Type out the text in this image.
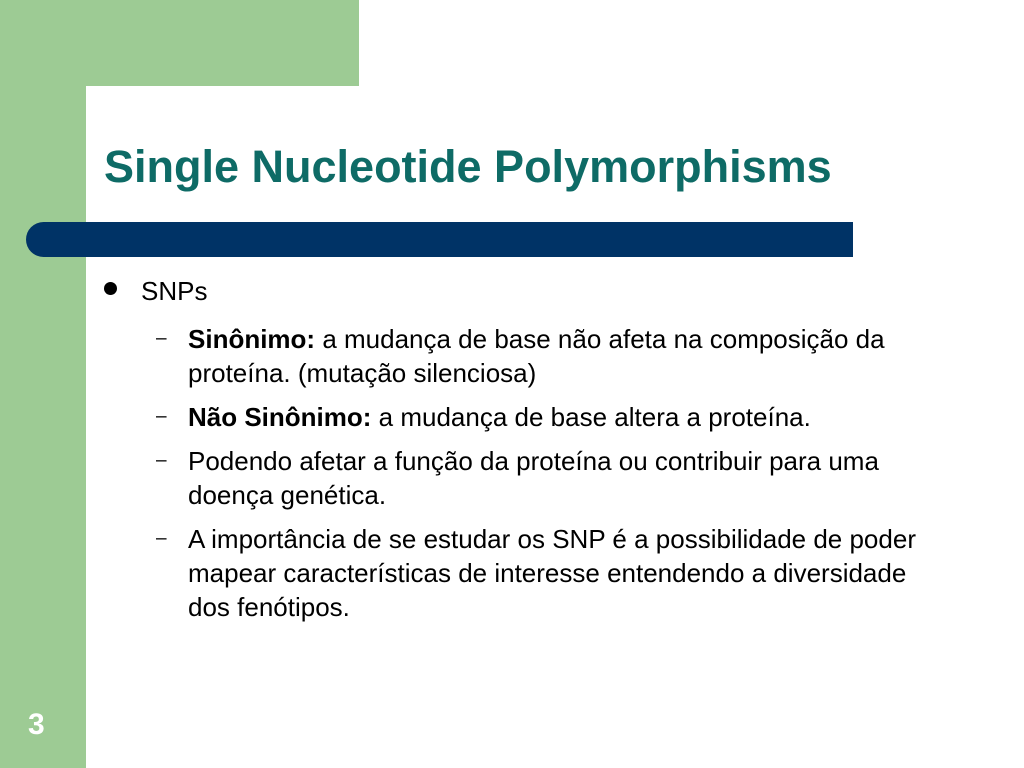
Single Nucleotide Polymorphisms
SNPs
– Sinônimo: a mudança de base não afeta na composição da proteína. (mutação silenciosa)
– Não Sinônimo: a mudança de base altera a proteína.
– Podendo afetar a função da proteína ou contribuir para uma doença genética.
– A importância de se estudar os SNP é a possibilidade de poder mapear características de interesse entendendo a diversidade dos fenótipos.
3
